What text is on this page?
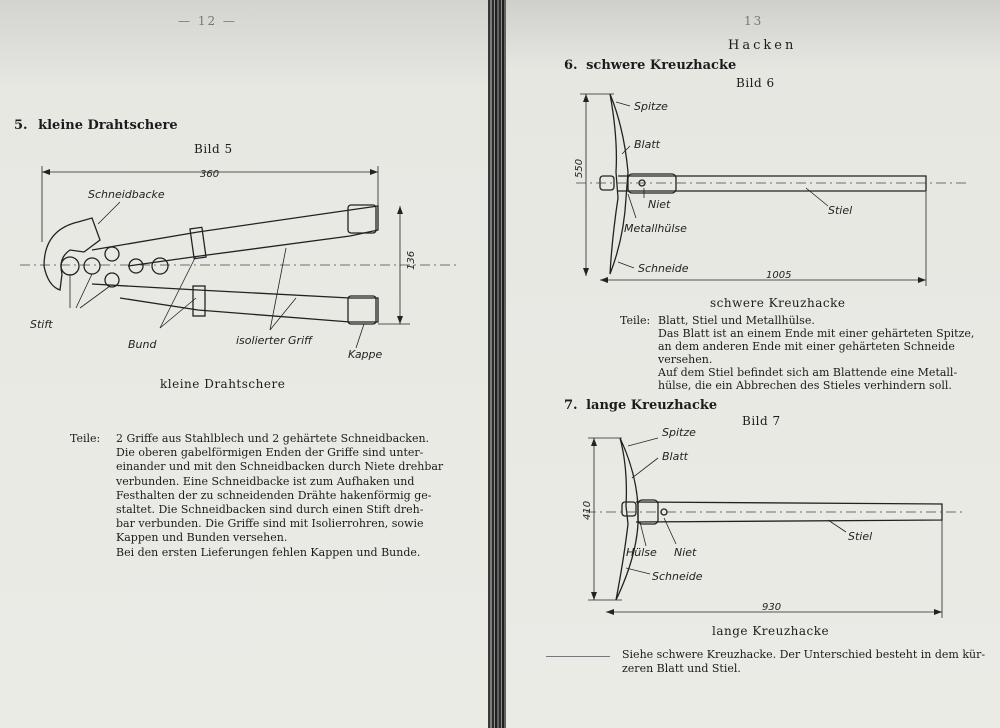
— 12 —

5. kleine Drahtschere

Bild 5

360
136
Schneidbacke
Stift
Bund	isolierter Griff
Kappe

kleine Drahtschere

Teile: 2 Griffe aus Stahlblech und 2 gehärtete Schneidbacken.
Die oberen gabelförmigen Enden der Griffe sind unter-
einander und mit den Schneidbacken durch Niete drehbar
verbunden. Eine Schneidbacke ist zum Aufhaken und
Festhalten der zu schneidenden Drähte hakenförmig ge-
staltet. Die Schneidbacken sind durch einen Stift dreh-
bar verbunden. Die Griffe sind mit Isolierrohren, sowie
Kappen und Bunden versehen.
Bei den ersten Lieferungen fehlen Kappen und Bunde.

13

Hacken

6. schwere Kreuzhacke

Bild 6

550
1005
Spitze
Blatt
Niet
Metallhülse
Stiel
Schneide

schwere Kreuzhacke

Teile: Blatt, Stiel und Metallhülse.
Das Blatt ist an einem Ende mit einer gehärteten Spitze,
an dem anderen Ende mit einer gehärteten Schneide
versehen.
Auf dem Stiel befindet sich am Blattende eine Metall-
hülse, die ein Abbrechen des Stieles verhindern soll.

7. lange Kreuzhacke

Bild 7

410
930
Spitze
Blatt
Hülse Niet
Stiel
Schneide

lange Kreuzhacke

Siehe schwere Kreuzhacke. Der Unterschied besteht in dem kür-
zeren Blatt und Stiel.
